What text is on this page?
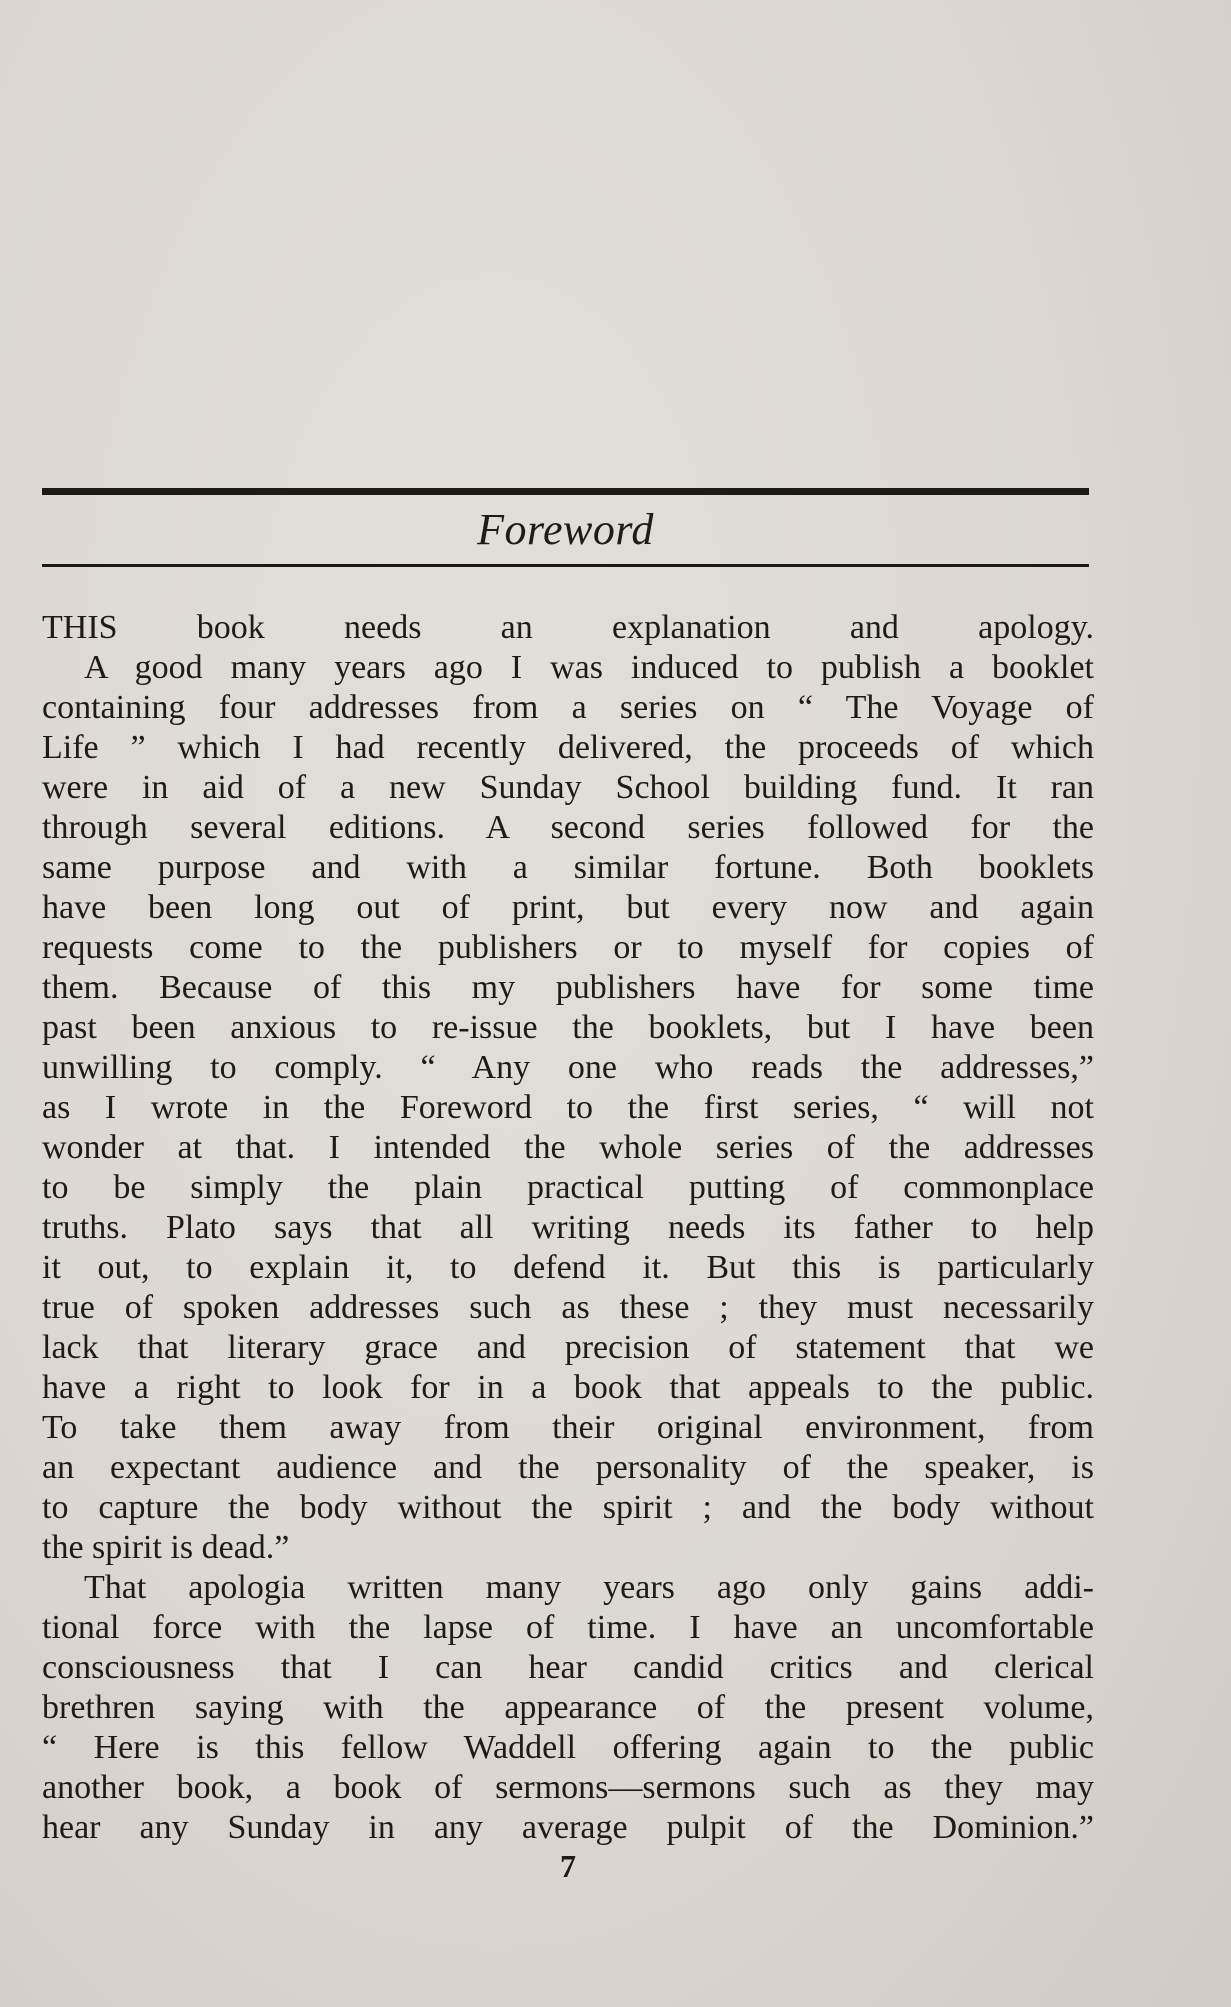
Foreword
THIS book needs an explanation and apology.
A good many years ago I was induced to publish a booklet
containing four addresses from a series on “ The Voyage of
Life ” which I had recently delivered, the proceeds of which
were in aid of a new Sunday School building fund. It ran
through several editions. A second series followed for the
same purpose and with a similar fortune. Both booklets
have been long out of print, but every now and again
requests come to the publishers or to myself for copies of
them. Because of this my publishers have for some time
past been anxious to re-issue the booklets, but I have been
unwilling to comply. “ Any one who reads the addresses,”
as I wrote in the Foreword to the first series, “ will not
wonder at that. I intended the whole series of the addresses
to be simply the plain practical putting of commonplace
truths. Plato says that all writing needs its father to help
it out, to explain it, to defend it. But this is particularly
true of spoken addresses such as these ; they must necessarily
lack that literary grace and precision of statement that we
have a right to look for in a book that appeals to the public.
To take them away from their original environment, from
an expectant audience and the personality of the speaker, is
to capture the body without the spirit ; and the body without
the spirit is dead.”
That apologia written many years ago only gains addi-
tional force with the lapse of time. I have an uncomfortable
consciousness that I can hear candid critics and clerical
brethren saying with the appearance of the present volume,
“ Here is this fellow Waddell offering again to the public
another book, a book of sermons—sermons such as they may
hear any Sunday in any average pulpit of the Dominion.”
7
